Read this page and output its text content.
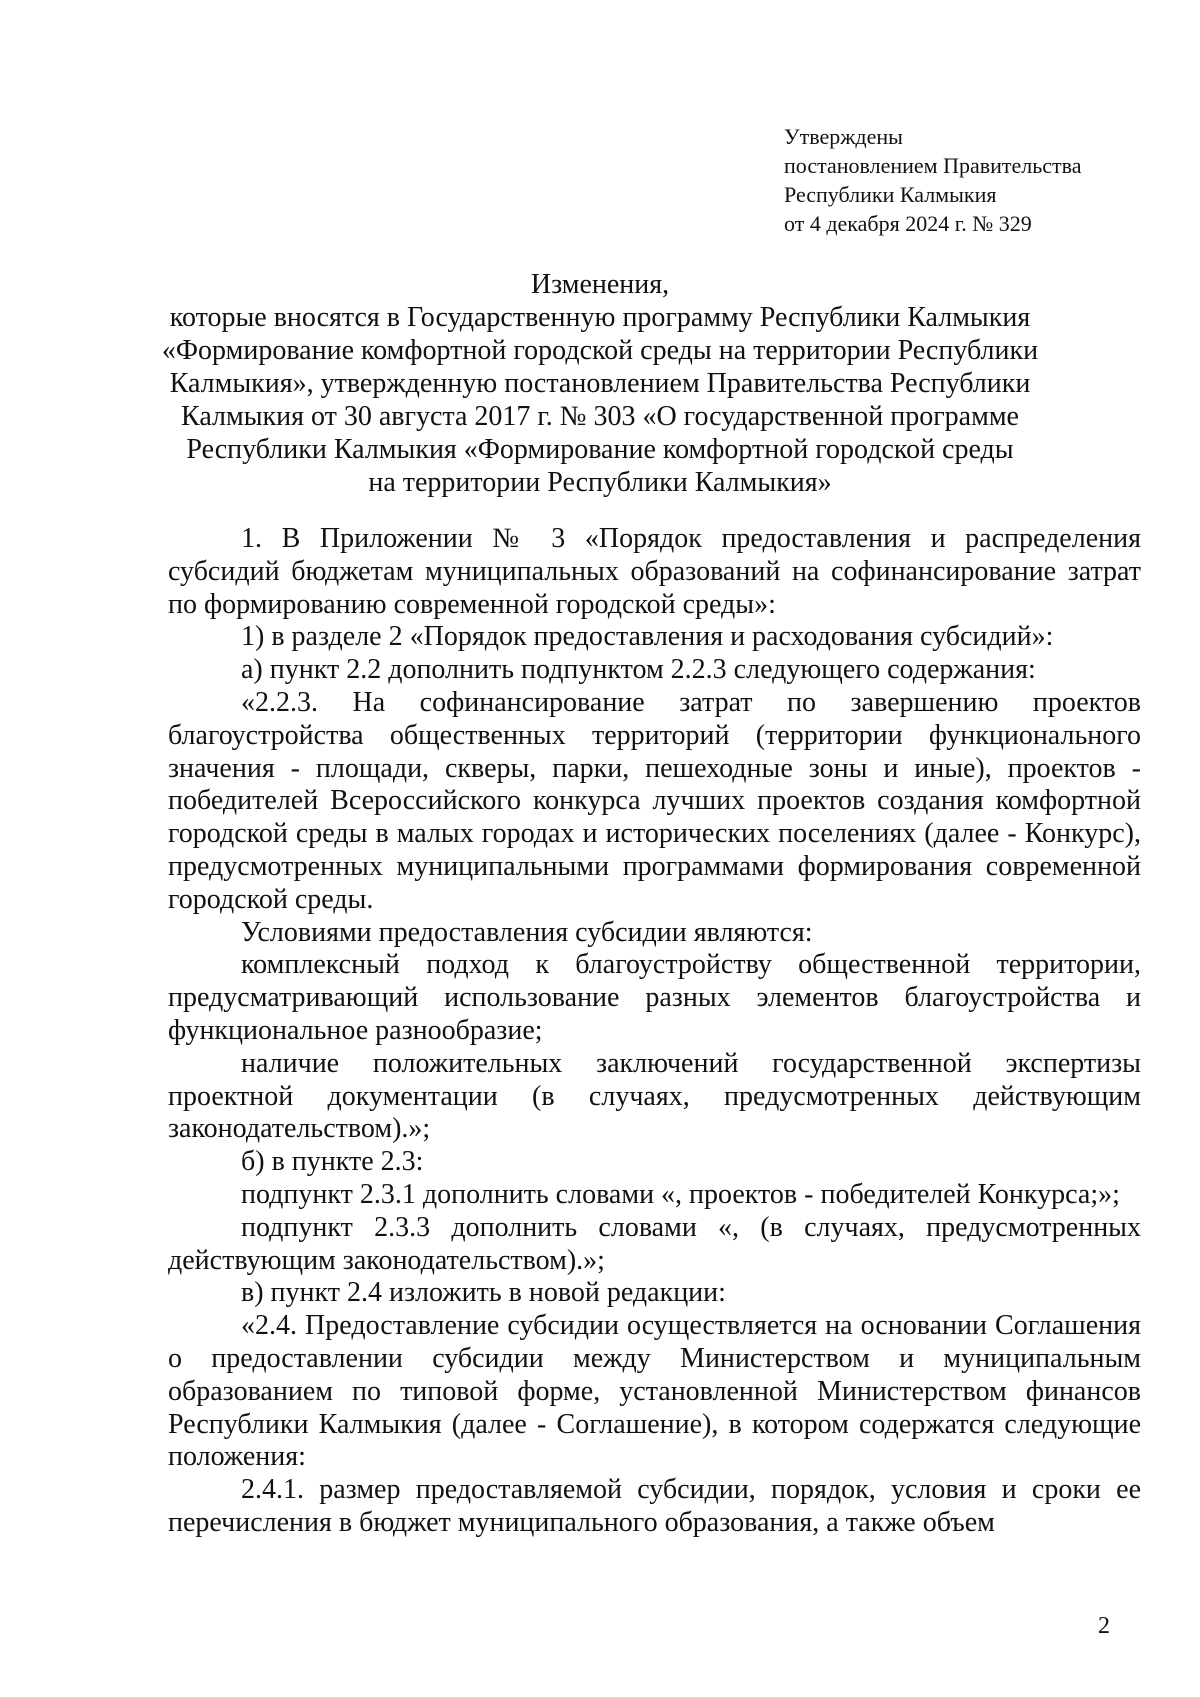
Утверждены
постановлением Правительства
Республики Калмыкия
от 4 декабря 2024 г. № 329
Изменения,
которые вносятся в Государственную программу Республики Калмыкия
«Формирование комфортной городской среды на территории Республики
Калмыкия», утвержденную постановлением Правительства Республики
Калмыкия от 30 августа 2017 г. № 303 «О государственной программе
Республики Калмыкия «Формирование комфортной городской среды
на территории Республики Калмыкия»

1. В Приложении № 3 «Порядок предоставления и распределения субсидий бюджетам муниципальных образований на софинансирование затрат по формированию современной городской среды»:

1) в разделе 2 «Порядок предоставления и расходования субсидий»:

а) пункт 2.2 дополнить подпунктом 2.2.3 следующего содержания:

«2.2.3. На софинансирование затрат по завершению проектов благоустройства общественных территорий (территории функционального значения - площади, скверы, парки, пешеходные зоны и иные), проектов - победителей Всероссийского конкурса лучших проектов создания комфортной городской среды в малых городах и исторических поселениях (далее - Конкурс), предусмотренных муниципальными программами формирования современной городской среды.

Условиями предоставления субсидии являются:

комплексный подход к благоустройству общественной территории, предусматривающий использование разных элементов благоустройства и функциональное разнообразие;

наличие положительных заключений государственной экспертизы проектной документации (в случаях, предусмотренных действующим законодательством).»;

б) в пункте 2.3:

подпункт 2.3.1 дополнить словами «, проектов - победителей Конкурса;»;

подпункт 2.3.3 дополнить словами «, (в случаях, предусмотренных действующим законодательством).»;

в) пункт 2.4 изложить в новой редакции:

«2.4. Предоставление субсидии осуществляется на основании Соглашения о предоставлении субсидии между Министерством и муниципальным образованием по типовой форме, установленной Министерством финансов Республики Калмыкия (далее - Соглашение), в котором содержатся следующие положения:

2.4.1. размер предоставляемой субсидии, порядок, условия и сроки ее перечисления в бюджет муниципального образования, а также объем

2
